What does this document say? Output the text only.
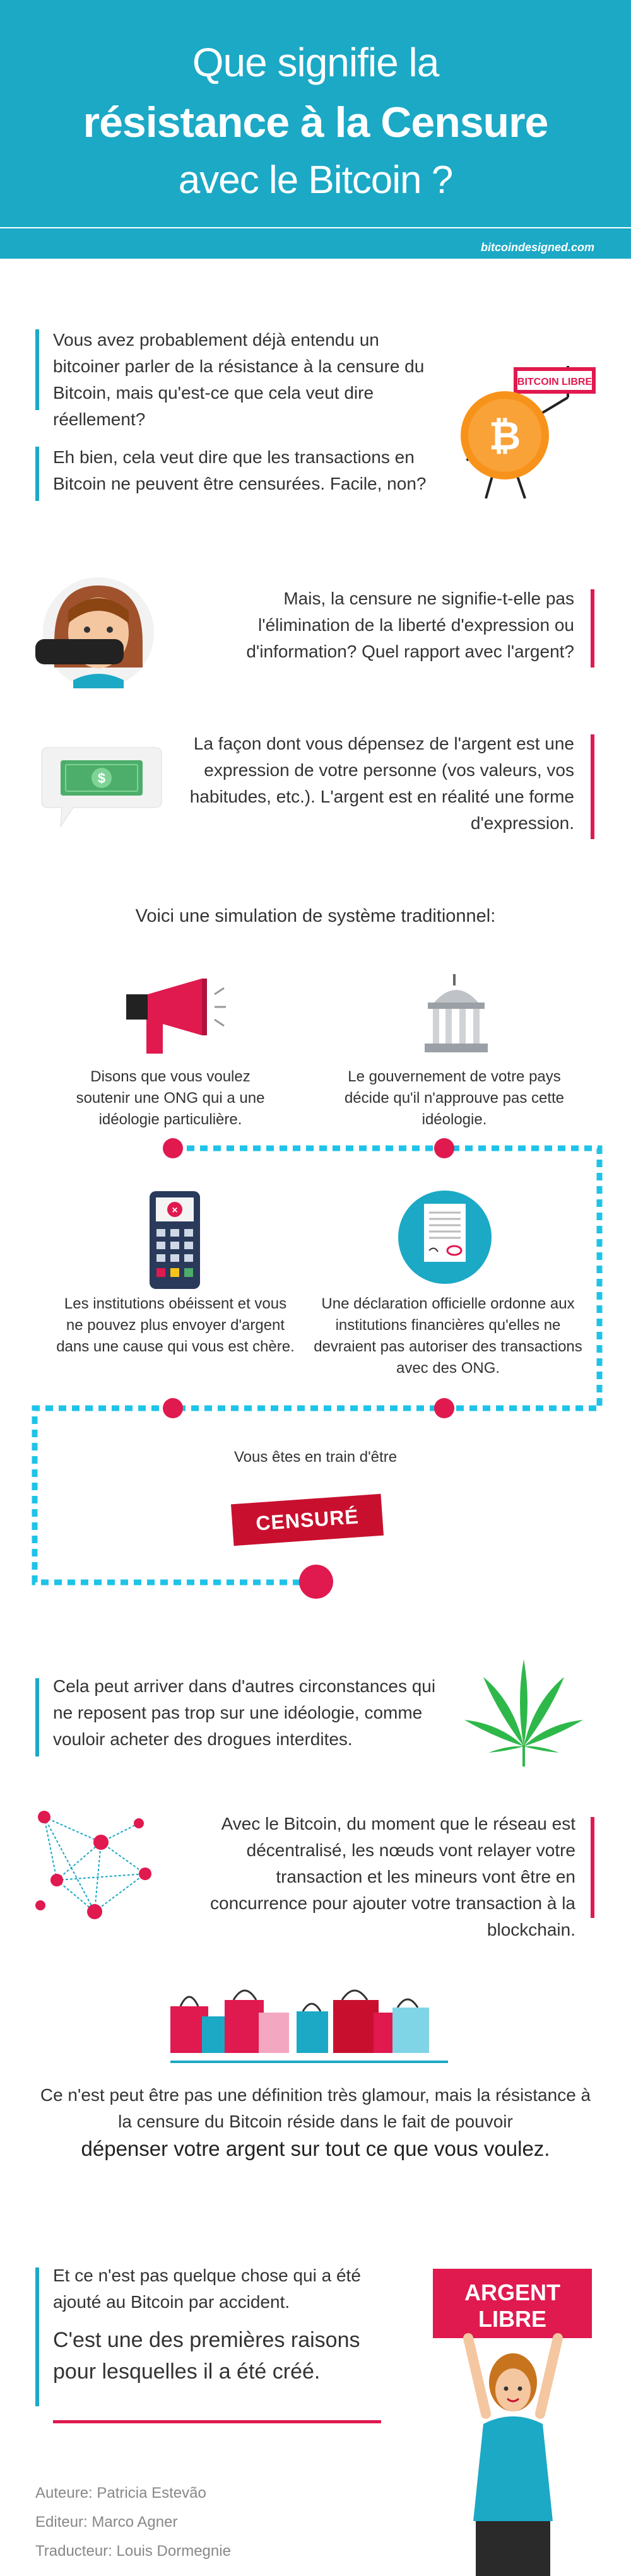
Que signifie la
résistance à la Censure
avec le Bitcoin ?
bitcoindesigned.com
Vous avez probablement déjà entendu un bitcoiner parler de la résistance à la censure du Bitcoin, mais qu'est-ce que cela veut dire réellement?
Eh bien, cela veut dire que les transactions en Bitcoin ne peuvent être censurées. Facile, non?
BITCOIN LIBRE
₿
Mais, la censure ne signifie-t-elle pas l'élimination de la liberté d'expression ou d'information? Quel rapport avec l'argent?
$
La façon dont vous dépensez de l'argent est une expression de votre personne (vos valeurs, vos habitudes, etc.). L'argent est en réalité une forme d'expression.
Voici une simulation de système traditionnel:
Disons que vous voulez soutenir une ONG qui a une idéologie particulière.
Le gouvernement de votre pays décide qu'il n'approuve pas cette idéologie.
×
Les institutions obéissent et vous ne pouvez plus envoyer d'argent dans une cause qui vous est chère.
Une déclaration officielle ordonne aux institutions financières qu'elles ne devraient pas autoriser des transactions avec des ONG.
Vous êtes en train d'être
CENSURÉ
Cela peut arriver dans d'autres circonstances qui ne reposent pas trop sur une idéologie, comme vouloir acheter des drogues interdites.
Avec le Bitcoin, du moment que le réseau est décentralisé, les nœuds vont relayer votre transaction et les mineurs vont être en concurrence pour ajouter votre transaction à la blockchain.
Ce n'est peut être pas une définition très glamour, mais la résistance à la censure du Bitcoin réside dans le fait de pouvoir
dépenser votre argent sur tout ce que vous voulez.
Et ce n'est pas quelque chose qui a été ajouté au Bitcoin par accident.
C'est une des premières raisons pour lesquelles il a été créé.
ARGENT
LIBRE
Auteure: Patricia Estevão
Editeur: Marco Agner
Traducteur: Louis Dormegnie
